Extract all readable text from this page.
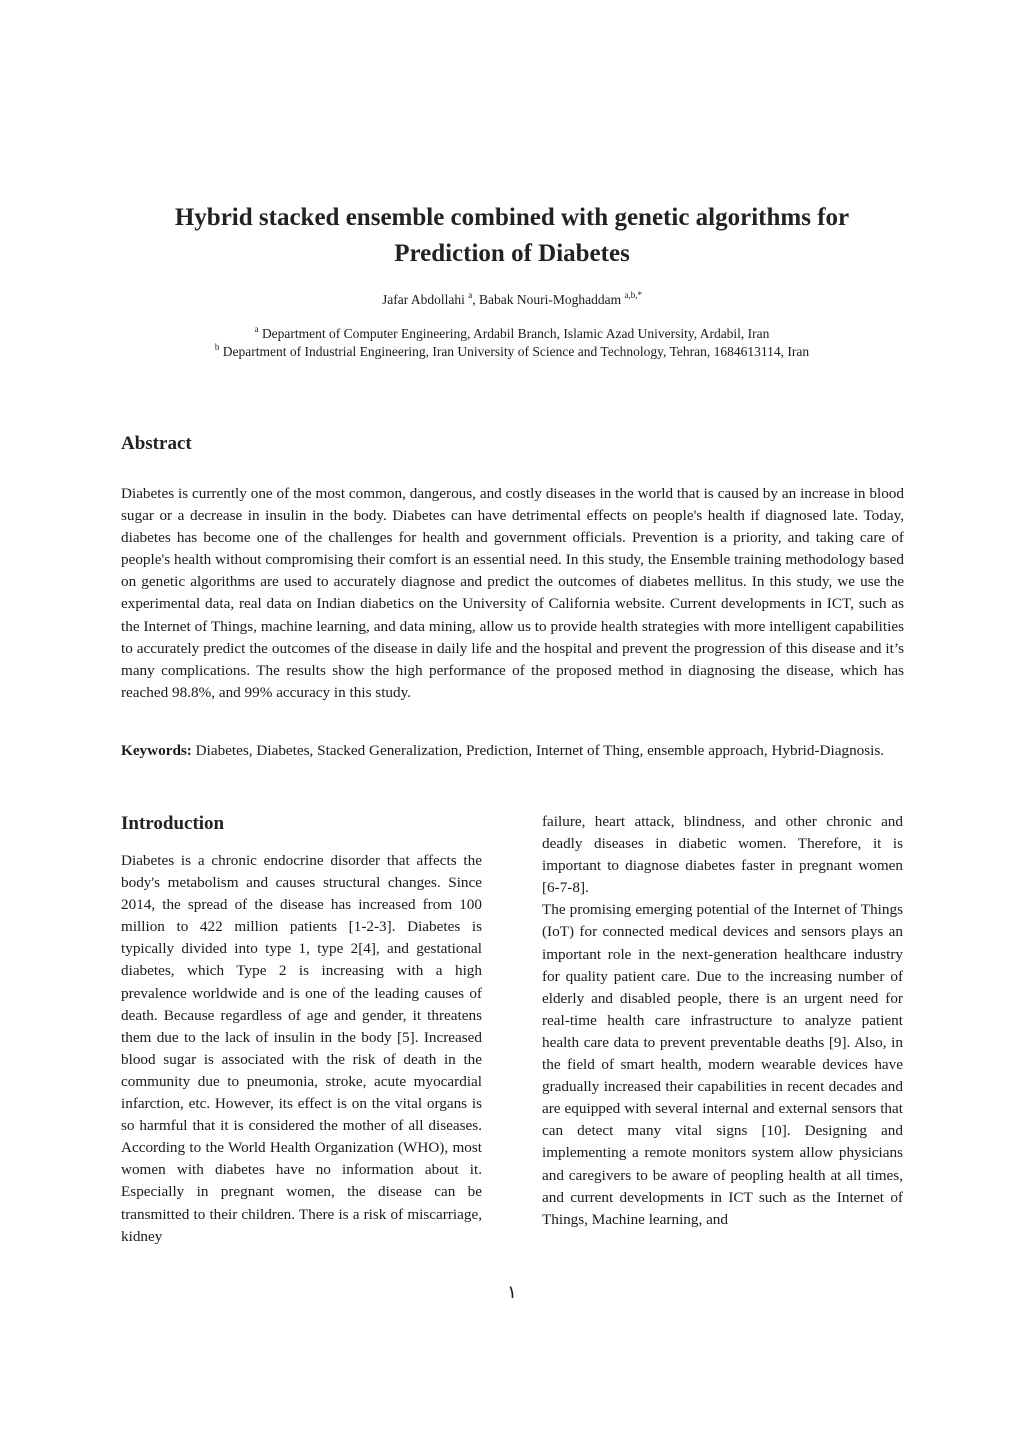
Hybrid stacked ensemble combined with genetic algorithms for
Prediction of Diabetes
Jafar Abdollahi $^a$, Babak Nouri-Moghaddam $^{a,b,*}$
$^a$ Department of Computer Engineering, Ardabil Branch, Islamic Azad University, Ardabil, Iran
$^b$ Department of Industrial Engineering, Iran University of Science and Technology, Tehran, 1684613114, Iran
Abstract
Diabetes is currently one of the most common, dangerous, and costly diseases in the world that is caused by an increase in blood sugar or a decrease in insulin in the body. Diabetes can have detrimental effects on people's health if diagnosed late. Today, diabetes has become one of the challenges for health and government officials. Prevention is a priority, and taking care of people's health without compromising their comfort is an essential need. In this study, the Ensemble training methodology based on genetic algorithms are used to accurately diagnose and predict the outcomes of diabetes mellitus. In this study, we use the experimental data, real data on Indian diabetics on the University of California website. Current developments in ICT, such as the Internet of Things, machine learning, and data mining, allow us to provide health strategies with more intelligent capabilities to accurately predict the outcomes of the disease in daily life and the hospital and prevent the progression of this disease and it’s many complications. The results show the high performance of the proposed method in diagnosing the disease, which has reached 98.8%, and 99% accuracy in this study.
Keywords: Diabetes, Diabetes, Stacked Generalization, Prediction, Internet of Thing, ensemble approach, Hybrid-Diagnosis.
Introduction

Diabetes is a chronic endocrine disorder that affects the body's metabolism and causes structural changes. Since 2014, the spread of the disease has increased from 100 million to 422 million patients [1-2-3]. Diabetes is typically divided into type 1, type 2[4], and gestational diabetes, which Type 2 is increasing with a high prevalence worldwide and is one of the leading causes of death. Because regardless of age and gender, it threatens them due to the lack of insulin in the body [5]. Increased blood sugar is associated with the risk of death in the community due to pneumonia, stroke, acute myocardial infarction, etc. However, its effect is on the vital organs is so harmful that it is considered the mother of all diseases. According to the World Health Organization (WHO), most women with diabetes have no information about it. Especially in pregnant women, the disease can be transmitted to their children. There is a risk of miscarriage, kidney

failure, heart attack, blindness, and other chronic and deadly diseases in diabetic women. Therefore, it is important to diagnose diabetes faster in pregnant women [6-7-8].

The promising emerging potential of the Internet of Things (IoT) for connected medical devices and sensors plays an important role in the next-generation healthcare industry for quality patient care. Due to the increasing number of elderly and disabled people, there is an urgent need for real-time health care infrastructure to analyze patient health care data to prevent preventable deaths [9]. Also, in the field of smart health, modern wearable devices have gradually increased their capabilities in recent decades and are equipped with several internal and external sensors that can detect many vital signs [10]. Designing and implementing a remote monitors system allow physicians and caregivers to be aware of peopling health at all times, and current developments in ICT such as the Internet of Things, Machine learning, and

١
